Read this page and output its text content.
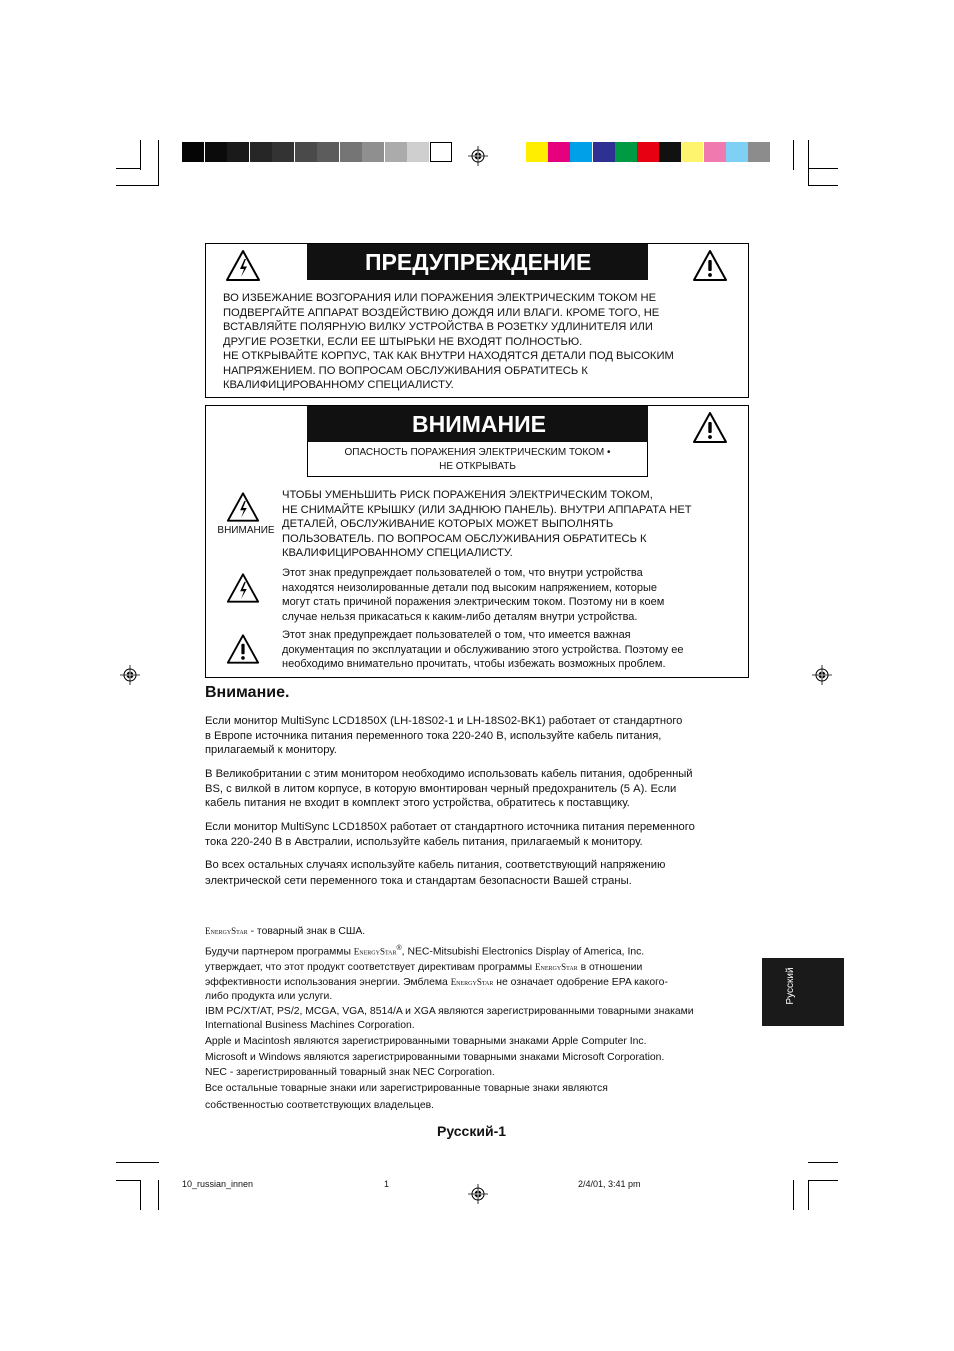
ПРЕДУПРЕЖДЕНИЕ
ВО ИЗБЕЖАНИЕ ВОЗГОРАНИЯ ИЛИ ПОРАЖЕНИЯ ЭЛЕКТРИЧЕСКИМ ТОКОМ НЕ
ПОДВЕРГАЙТЕ АППАРАТ ВОЗДЕЙСТВИЮ ДОЖДЯ ИЛИ ВЛАГИ. КРОМЕ ТОГО, НЕ
ВСТАВЛЯЙТЕ ПОЛЯРНУЮ ВИЛКУ УСТРОЙСТВА В РОЗЕТКУ УДЛИНИТЕЛЯ ИЛИ
ДРУГИЕ РОЗЕТКИ, ЕСЛИ ЕЕ ШТЫРЬКИ НЕ ВХОДЯТ ПОЛНОСТЬЮ.
НЕ ОТКРЫВАЙТЕ КОРПУС, ТАК КАК ВНУТРИ НАХОДЯТСЯ ДЕТАЛИ ПОД ВЫСОКИМ
НАПРЯЖЕНИЕМ. ПО ВОПРОСАМ ОБСЛУЖИВАНИЯ ОБРАТИТЕСЬ К
КВАЛИФИЦИРОВАННОМУ СПЕЦИАЛИСТУ.
ВНИМАНИЕ
ОПАСНОСТЬ ПОРАЖЕНИЯ ЭЛЕКТРИЧЕСКИМ ТОКОМ •
НЕ ОТКРЫВАТЬ
ВНИМАНИЕ
ЧТОБЫ УМЕНЬШИТЬ РИСК ПОРАЖЕНИЯ ЭЛЕКТРИЧЕСКИМ ТОКОМ,
НЕ СНИМАЙТЕ КРЫШКУ (ИЛИ ЗАДНЮЮ ПАНЕЛЬ). ВНУТРИ АППАРАТА НЕТ
ДЕТАЛЕЙ, ОБСЛУЖИВАНИЕ КОТОРЫХ МОЖЕТ ВЫПОЛНЯТЬ
ПОЛЬЗОВАТЕЛЬ. ПО ВОПРОСАМ ОБСЛУЖИВАНИЯ ОБРАТИТЕСЬ К
КВАЛИФИЦИРОВАННОМУ СПЕЦИАЛИСТУ.
Этот знак предупреждает пользователей о том, что внутри устройства
находятся неизолированные детали под высоким напряжением, которые
могут стать причиной поражения электрическим током. Поэтому ни в коем
случае нельзя прикасаться к каким-либо деталям внутри устройства.
Этот знак предупреждает пользователей о том, что имеется важная
документация по эксплуатации и обслуживанию этого устройства. Поэтому ее
необходимо внимательно прочитать, чтобы избежать возможных проблем.
Внимание.
Если монитор MultiSync LCD1850X (LH-18S02-1 и LH-18S02-BK1) работает от стандартного
в Европе источника питания переменного тока 220-240 В, используйте кабель питания,
прилагаемый к монитору.
В Великобритании с этим монитором необходимо использовать кабель питания, одобренный
BS, с вилкой в литом корпусе, в которую вмонтирован черный предохранитель (5 А). Если
кабель питания не входит в комплект этого устройства, обратитесь к поставщику.
Если монитор MultiSync LCD1850X работает от стандартного источника питания переменного
тока 220-240 В в Австралии, используйте кабель питания, прилагаемый к монитору.
Во всех остальных случаях используйте кабель питания, соответствующий напряжению
электрической сети переменного тока и стандартам безопасности Вашей страны.
EnergyStar - товарный знак в США.
Будучи партнером программы EnergyStar®, NEC-Mitsubishi Electronics Display of America, Inc.
утверждает, что этот продукт соответствует директивам программы EnergyStar в отношении
эффективности использования энергии. Эмблема EnergyStar не означает одобрение EPA какого-
либо продукта или услуги.
IBM PC/XT/AT, PS/2, MCGA, VGA, 8514/A и XGA являются зарегистрированными товарными знаками
International Business Machines Corporation.
Apple и Macintosh являются зарегистрированными товарными знаками Apple Computer Inc.
Microsoft и Windows являются зарегистрированными товарными знаками Microsoft Corporation.
NEC - зарегистрированный товарный знак NEC Corporation.
Все остальные товарные знаки или зарегистрированные товарные знаки являются
собственностью соответствующих владельцев.
Русский
Русский-1
10_russian_innen	1	2/4/01, 3:41 pm
